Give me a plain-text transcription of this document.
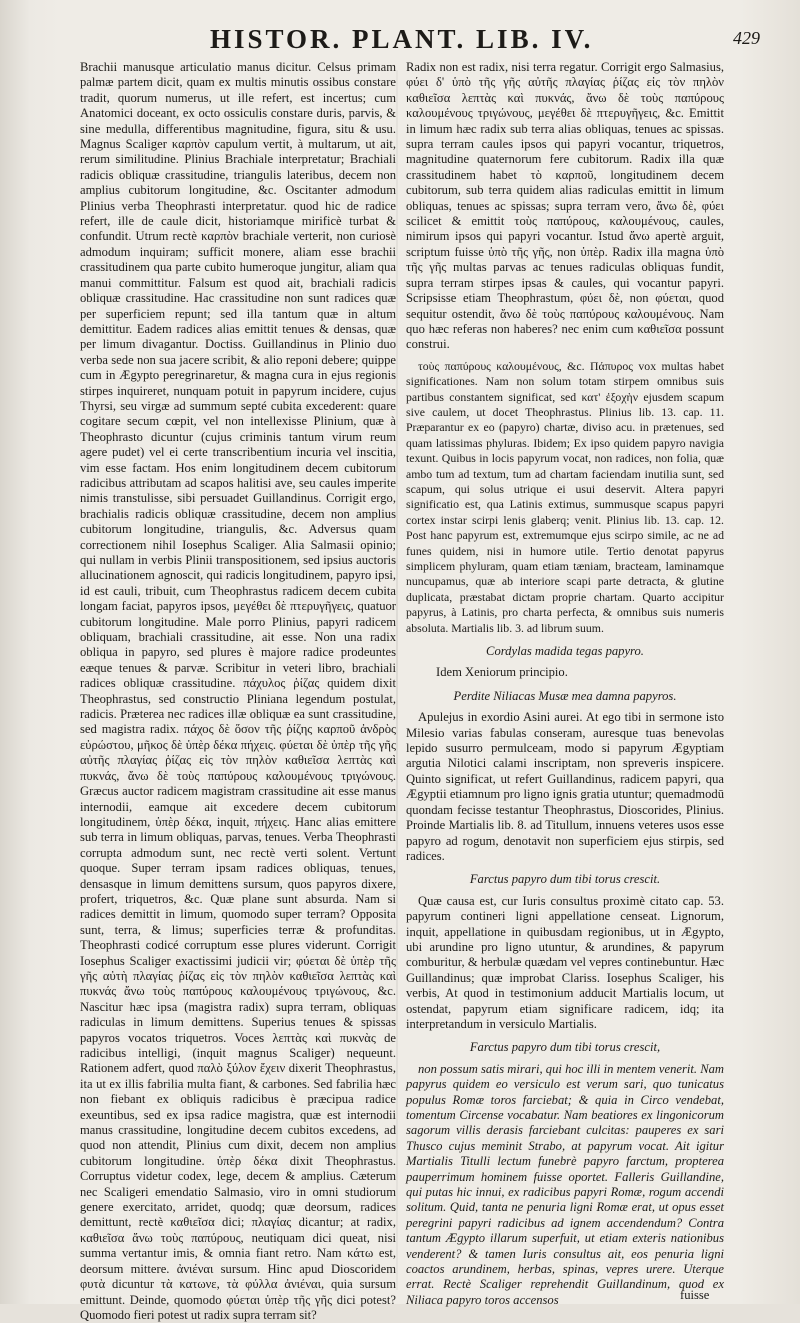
HISTOR. PLANT. LIB. IV.	429

Brachii manusque articulatio manus dicitur. Celsus primam palmæ partem dicit, quam ex multis minutis ossibus constare tradit, quorum numerus, ut ille refert, est incertus; cum Anatomici doceant, ex octo ossiculis constare duris, parvis, & sine medulla, differentibus magnitudine, figura, situ & usu. Magnus Scaliger καρπὸν capulum vertit, à multarum, ut ait, rerum similitudine. Plinius Brachiale interpretatur; Brachiali radicis obliquæ crassitudine, triangulis lateribus, decem non amplius cubitorum longitudine, &c. Oscitanter admodum Plinius verba Theophrasti interpretatur. quod hic de radice refert, ille de caule dicit, historiamque mirificè turbat & confundit. Utrum rectè καρπὸν brachiale verterit, non curiosè admodum inquiram; sufficit monere, aliam esse brachii crassitudinem qua parte cubito humeroque jungitur, aliam qua manui committitur. Falsum est quod ait, brachiali radicis obliquæ crassitudine. Hac crassitudine non sunt radices quæ per superficiem repunt; sed illa tantum quæ in altum demittitur. Eadem radices alias emittit tenues & densas, quæ per limum divagantur. Doctiss. Guillandinus in Plinio duo verba sede non sua jacere scribit, & alio reponi debere; quippe cum in Ægypto peregrinaretur, & magna cura in ejus regionis stirpes inquireret, nunquam potuit in papyrum incidere, cujus Thyrsi, seu virgæ ad summum septé cubita excederent: quare cogitare secum cœpit, vel non intellexisse Plinium, quæ à Theophrasto dicuntur (cujus criminis tantum virum reum agere pudet) vel ei certe transcribentium incuria vel inscitia, vim esse factam. Hos enim longitudinem decem cubitorum radicibus attributam ad scapos halitisi ave, seu caules imperite nimis transtulisse, sibi persuadet Guillandinus. Corrigit ergo, brachialis radicis obliquæ crassitudine, decem non amplius cubitorum longitudine, triangulis, &c. Adversus quam correctionem nihil Iosephus Scaliger. Alia Salmasii opinio; qui nullam in verbis Plinii transpositionem, sed ipsius auctoris allucinationem agnoscit, qui radicis longitudinem, papyro ipsi, id est cauli, tribuit, cum Theophrastus radicem decem cubita longam faciat, papyros ipsos, μεγέθει δὲ πτερυγῆγεις, quatuor cubitorum longitudine. Male porro Plinius, papyri radicem obliquam, brachiali crassitudine, ait esse. Non una radix obliqua in papyro, sed plures è majore radice prodeuntes eæque tenues & parvæ. Scribitur in veteri libro, brachiali radices obliquæ crassitudine. πάχυλος ῥίζας quidem dixit Theophrastus, sed constructio Pliniana legendum postulat, radicis. Præterea nec radices illæ obliquæ ea sunt crassitudine, sed magistra radix. πάχος δὲ ὅσον τῆς ῥίζης καρποῦ ἀνδρὸς εὐρώστου, μῆκος δὲ ὑπὲρ δέκα πήχεις. φύεται δὲ ὑπὲρ τῆς γῆς αὐτῆς πλαγίας ῥίζας εἰς τὸν πηλὸν καθιεῖσα λεπτὰς καὶ πυκνάς, ἄνω δὲ τοὺς παπύρους καλουμένους τριγώνους. Græcus auctor radicem magistram crassitudine ait esse manus internodii, eamque ait excedere decem cubitorum longitudinem, ὑπὲρ δέκα, inquit, πήχεις. Hanc alias emittere sub terra in limum obliquas, parvas, tenues. Verba Theophrasti corrupta admodum sunt, nec rectè verti solent. Vertunt quoque. Super terram ipsam radices obliquas, tenues, densasque in limum demittens sursum, quos papyros dixere, profert, triquetros, &c. Quæ plane sunt absurda. Nam si radices demittit in limum, quomodo super terram? Opposita sunt, terra, & limus; superficies terræ & profunditas. Theophrasti codicé corruptum esse plures viderunt. Corrigit Iosephus Scaliger exactissimi judicii vir; φύεται δὲ ὑπὲρ τῆς γῆς αὐτὴ πλαγίας ῥίζας εἰς τὸν πηλὸν καθιεῖσα λεπτὰς καὶ πυκνάς ἄνω τοὺς παπύρους καλουμένους τριγώνους, &c. Nascitur hæc ipsa (magistra radix) supra terram, obliquas radiculas in limum demittens. Superius tenues & spissas papyros vocatos triquetros. Voces λεπτὰς καὶ πυκνὰς de radicibus intelligi, (inquit magnus Scaliger) nequeunt. Rationem adfert, quod παλὸ ξύλον ἔχειν dixerit Theophrastus, ita ut ex illis fabrilia multa fiant, & carbones. Sed fabrilia hæc non fiebant ex obliquis radicibus è præcipua radice exeuntibus, sed ex ipsa radice magistra, quæ est internodii manus crassitudine, longitudine decem cubitos excedens, ad quod non attendit, Plinius cum dixit, decem non amplius cubitorum longitudine. ὑπὲρ δέκα dixit Theophrastus. Corruptus videtur codex, lege, decem & amplius. Cæterum nec Scaligeri emendatio Salmasio, viro in omni studiorum genere exercitato, arridet, quodq; quæ deorsum, radices demittunt, rectè καθιεῖσα dici; πλαγίας dicantur; at radix, καθιεῖσα ἄνω τοὺς παπύρους, neutiquam dici queat, nisi summa vertantur imis, & omnia fiant retro. Nam κάτω est, deorsum mittere. ἀνιέναι sursum. Hinc apud Dioscoridem φυτὰ dicuntur τὰ κατωνε, τὰ φύλλα ἀνιέναι, quia sursum emittunt. Deinde, quomodo φύεται ὑπὲρ τῆς γῆς dici potest? Quomodo fieri potest ut radix supra terram sit?

Radix non est radix, nisi terra regatur. Corrigit ergo Salmasius, φύει δ' ὑπὸ τῆς γῆς αὐτῆς πλαγίας ῥίζας εἰς τὸν πηλὸν καθιεῖσα λεπτὰς καὶ πυκνάς, ἄνω δὲ τοὺς παπύρους καλουμένους τριγώνους, μεγέθει δὲ πτερυγῆγεις, &c. Emittit in limum hæc radix sub terra alias obliquas, tenues ac spissas. supra terram caules ipsos qui papyri vocantur, triquetros, magnitudine quaternorum fere cubitorum. Radix illa quæ crassitudinem habet τὸ καρποῦ, longitudinem decem cubitorum, sub terra quidem alias radiculas emittit in limum obliquas, tenues ac spissas; supra terram vero, ἄνω δὲ, φύει scilicet & emittit τοὺς παπύρους, καλουμένους, caules, nimirum ipsos qui papyri vocantur. Istud ἄνω apertè arguit, scriptum fuisse ὑπὸ τῆς γῆς, non ὑπὲρ. Radix illa magna ὑπὸ τῆς γῆς multas parvas ac tenues radiculas obliquas fundit, supra terram stirpes ipsas & caules, qui vocantur papyri. Scripsisse etiam Theophrastum, φύει δὲ, non φύεται, quod sequitur ostendit, ἄνω δὲ τοὺς παπύρους καλουμένους. Nam quo hæc referas non haberes? nec enim cum καθιεῖσα possunt construi.

τοὺς παπύρους καλουμένους, &c. Πάπυρος vox multas habet significationes. Nam non solum totam stirpem omnibus suis partibus constantem significat, sed κατ' ἐξοχὴν ejusdem scapum sive caulem, ut docet Theophrastus. Plinius lib. 13. cap. 11. Præparantur ex eo (papyro) chartæ, diviso acu. in prætenues, sed quam latissimas phyluras. Ibidem; Ex ipso quidem papyro navigia texunt. Quibus in locis papyrum vocat, non radices, non folia, quæ ambo tum ad textum, tum ad chartam faciendam inutilia sunt, sed scapum, qui solus utrique ei usui deservit. Altera papyri significatio est, qua Latinis extimus, summusque scapus papyri cortex instar scirpi lenis glaberq; venit. Plinius lib. 13. cap. 12. Post hanc papyrum est, extremumque ejus scirpo simile, ac ne ad funes quidem, nisi in humore utile. Tertio denotat papyrus simplicem phyluram, quam etiam tæniam, bracteam, laminamque nuncupamus, quæ ab interiore scapi parte detracta, & glutine duplicata, præstabat dictam proprie chartam. Quarto accipitur papyrus, à Latinis, pro charta perfecta, & omnibus suis numeris absoluta. Martialis lib. 3. ad librum suum.

Cordylas madida tegas papyro.

Idem Xeniorum principio.

Perdite Niliacas Musæ mea damna papyros.

Apulejus in exordio Asini aurei. At ego tibi in sermone isto Milesio varias fabulas conseram, auresque tuas benevolas lepido susurro permulceam, modo si papyrum Ægyptiam argutia Nilotici calami inscriptam, non spreveris inspicere. Quinto significat, ut refert Guillandinus, radicem papyri, qua Ægyptii etiamnum pro ligno ignis gratia utuntur; quemadmodū quondam fecisse testantur Theophrastus, Dioscorides, Plinius. Proinde Martialis lib. 8. ad Titullum, innuens veteres usos esse papyro ad rogum, denotavit non superficiem ejus stirpis, sed radices.

Farctus papyro dum tibi torus crescit.

Quæ causa est, cur Iuris consultus proximè citato cap. 53. papyrum contineri ligni appellatione censeat. Lignorum, inquit, appellatione in quibusdam regionibus, ut in Ægypto, ubi arundine pro ligno utuntur, & arundines, & papyrum comburitur, & herbulæ quædam vel vepres continebuntur. Hæc Guillandinus; quæ improbat Clariss. Iosephus Scaliger, his verbis, At quod in testimonium adducit Martialis locum, ut ostendat, papyrum etiam significare radicem, idq; ita interpretandum in versiculo Martialis.

Farctus papyro dum tibi torus crescit,

non possum satis mirari, qui hoc illi in mentem venerit. Nam papyrus quidem eo versiculo est verum sari, quo tunicatus populus Romæ toros farciebat; & quia in Circo vendebat, tomentum Circense vocabatur. Nam beatiores ex lingonicorum sagorum villis derasis farciebant culcitas: pauperes ex sari Thusco cujus meminit Strabo, at papyrum vocat. Ait igitur Martialis Titulli lectum funebrè papyro farctum, propterea pauperrimum hominem fuisse oportet. Falleris Guillandine, qui putas hic innui, ex radicibus papyri Romæ, rogum accendi solitum. Quid, tanta ne penuria ligni Romæ erat, ut opus esset peregrini papyri radicibus ad ignem accendendum? Contra tantum Ægypto illarum superfuit, ut etiam exteris nationibus venderent? & tamen Iuris consultus ait, eos penuria ligni coactos arundinem, herbas, spinas, vepres urere. Uterque errat. Rectè Scaliger reprehendit Guillandinum, quod ex Niliaca papyro toros accensos	fuisse
